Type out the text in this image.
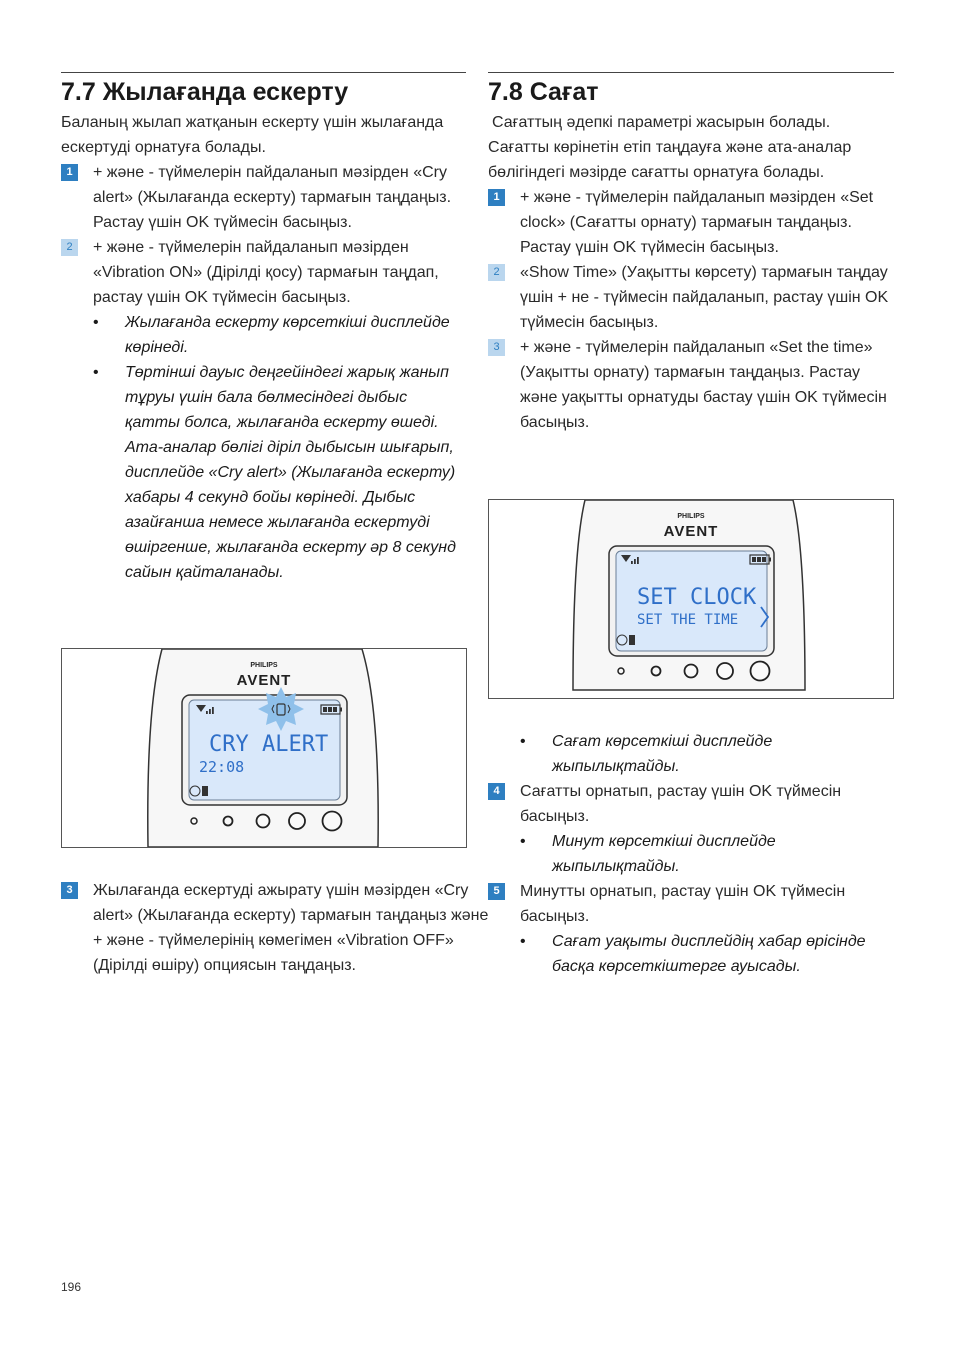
7.7 Жылағанда ескерту

Баланың жылап жатқанын ескерту үшін жылағанда ескертуді орнатуға болады.

1	+ және - түймелерін пайдаланып мәзірден «Cry alert» (Жылағанда ескерту) тармағын таңдаңыз. Растау үшін OK түймесін басыңыз.
2	+ және - түймелерін пайдаланып мәзірден «Vibration ON» (Дірілді қосу) тармағын таңдап, растау үшін OK түймесін басыңыз.
• Жылағанда ескерту көрсеткіші дисплейде көрінеді.
• Төртінші дауыс деңгейіндегі жарық жанып тұруы үшін бала бөлмесіндегі дыбыс қатты болса, жылағанда ескерту өшеді. Ата-аналар бөлігі діріл дыбысын шығарып, дисплейде «Cry alert» (Жылағанда ескерту) хабары 4 секунд бойы көрінеді. Дыбыс азайғанша немесе жылағанда ескертуді өшіргенше, жылағанда ескерту әр 8 секунд сайын қайталанады.
PHILIPS
AVENT
CRY ALERT
22:08
3	Жылағанда ескертуді ажырату үшін мәзірден «Cry alert» (Жылағанда ескерту) тармағын таңдаңыз және + және - түймелерінің көмегімен «Vibration OFF» (Дірілді өшіру) опциясын таңдаңыз.
7.8 Сағат

Сағаттың әдепкі параметрі жасырын болады. Сағатты көрінетін етіп таңдауға және ата-аналар бөлігіндегі мәзірде сағатты орнатуға болады.

1	+ және - түймелерін пайдаланып мәзірден «Set clock» (Сағатты орнату) тармағын таңдаңыз. Растау үшін OK түймесін басыңыз.
2	«Show Time» (Уақытты көрсету) тармағын таңдау үшін + не - түймесін пайдаланып, растау үшін OK түймесін басыңыз.
3	+ және - түймелерін пайдаланып «Set the time» (Уақытты орнату) тармағын таңдаңыз. Растау және уақытты орнатуды бастау үшін OK түймесін басыңыз.
PHILIPS
AVENT
SET CLOCK
SET THE TIME
• Сағат көрсеткіші дисплейде жыпылықтайды.
4	Сағатты орнатып, растау үшін OK түймесін басыңыз.
• Минут көрсеткіші дисплейде жыпылықтайды.
5	Минутты орнатып, растау үшін OK түймесін басыңыз.
• Сағат уақыты дисплейдің хабар өрісінде басқа көрсеткіштерге ауысады.
196
